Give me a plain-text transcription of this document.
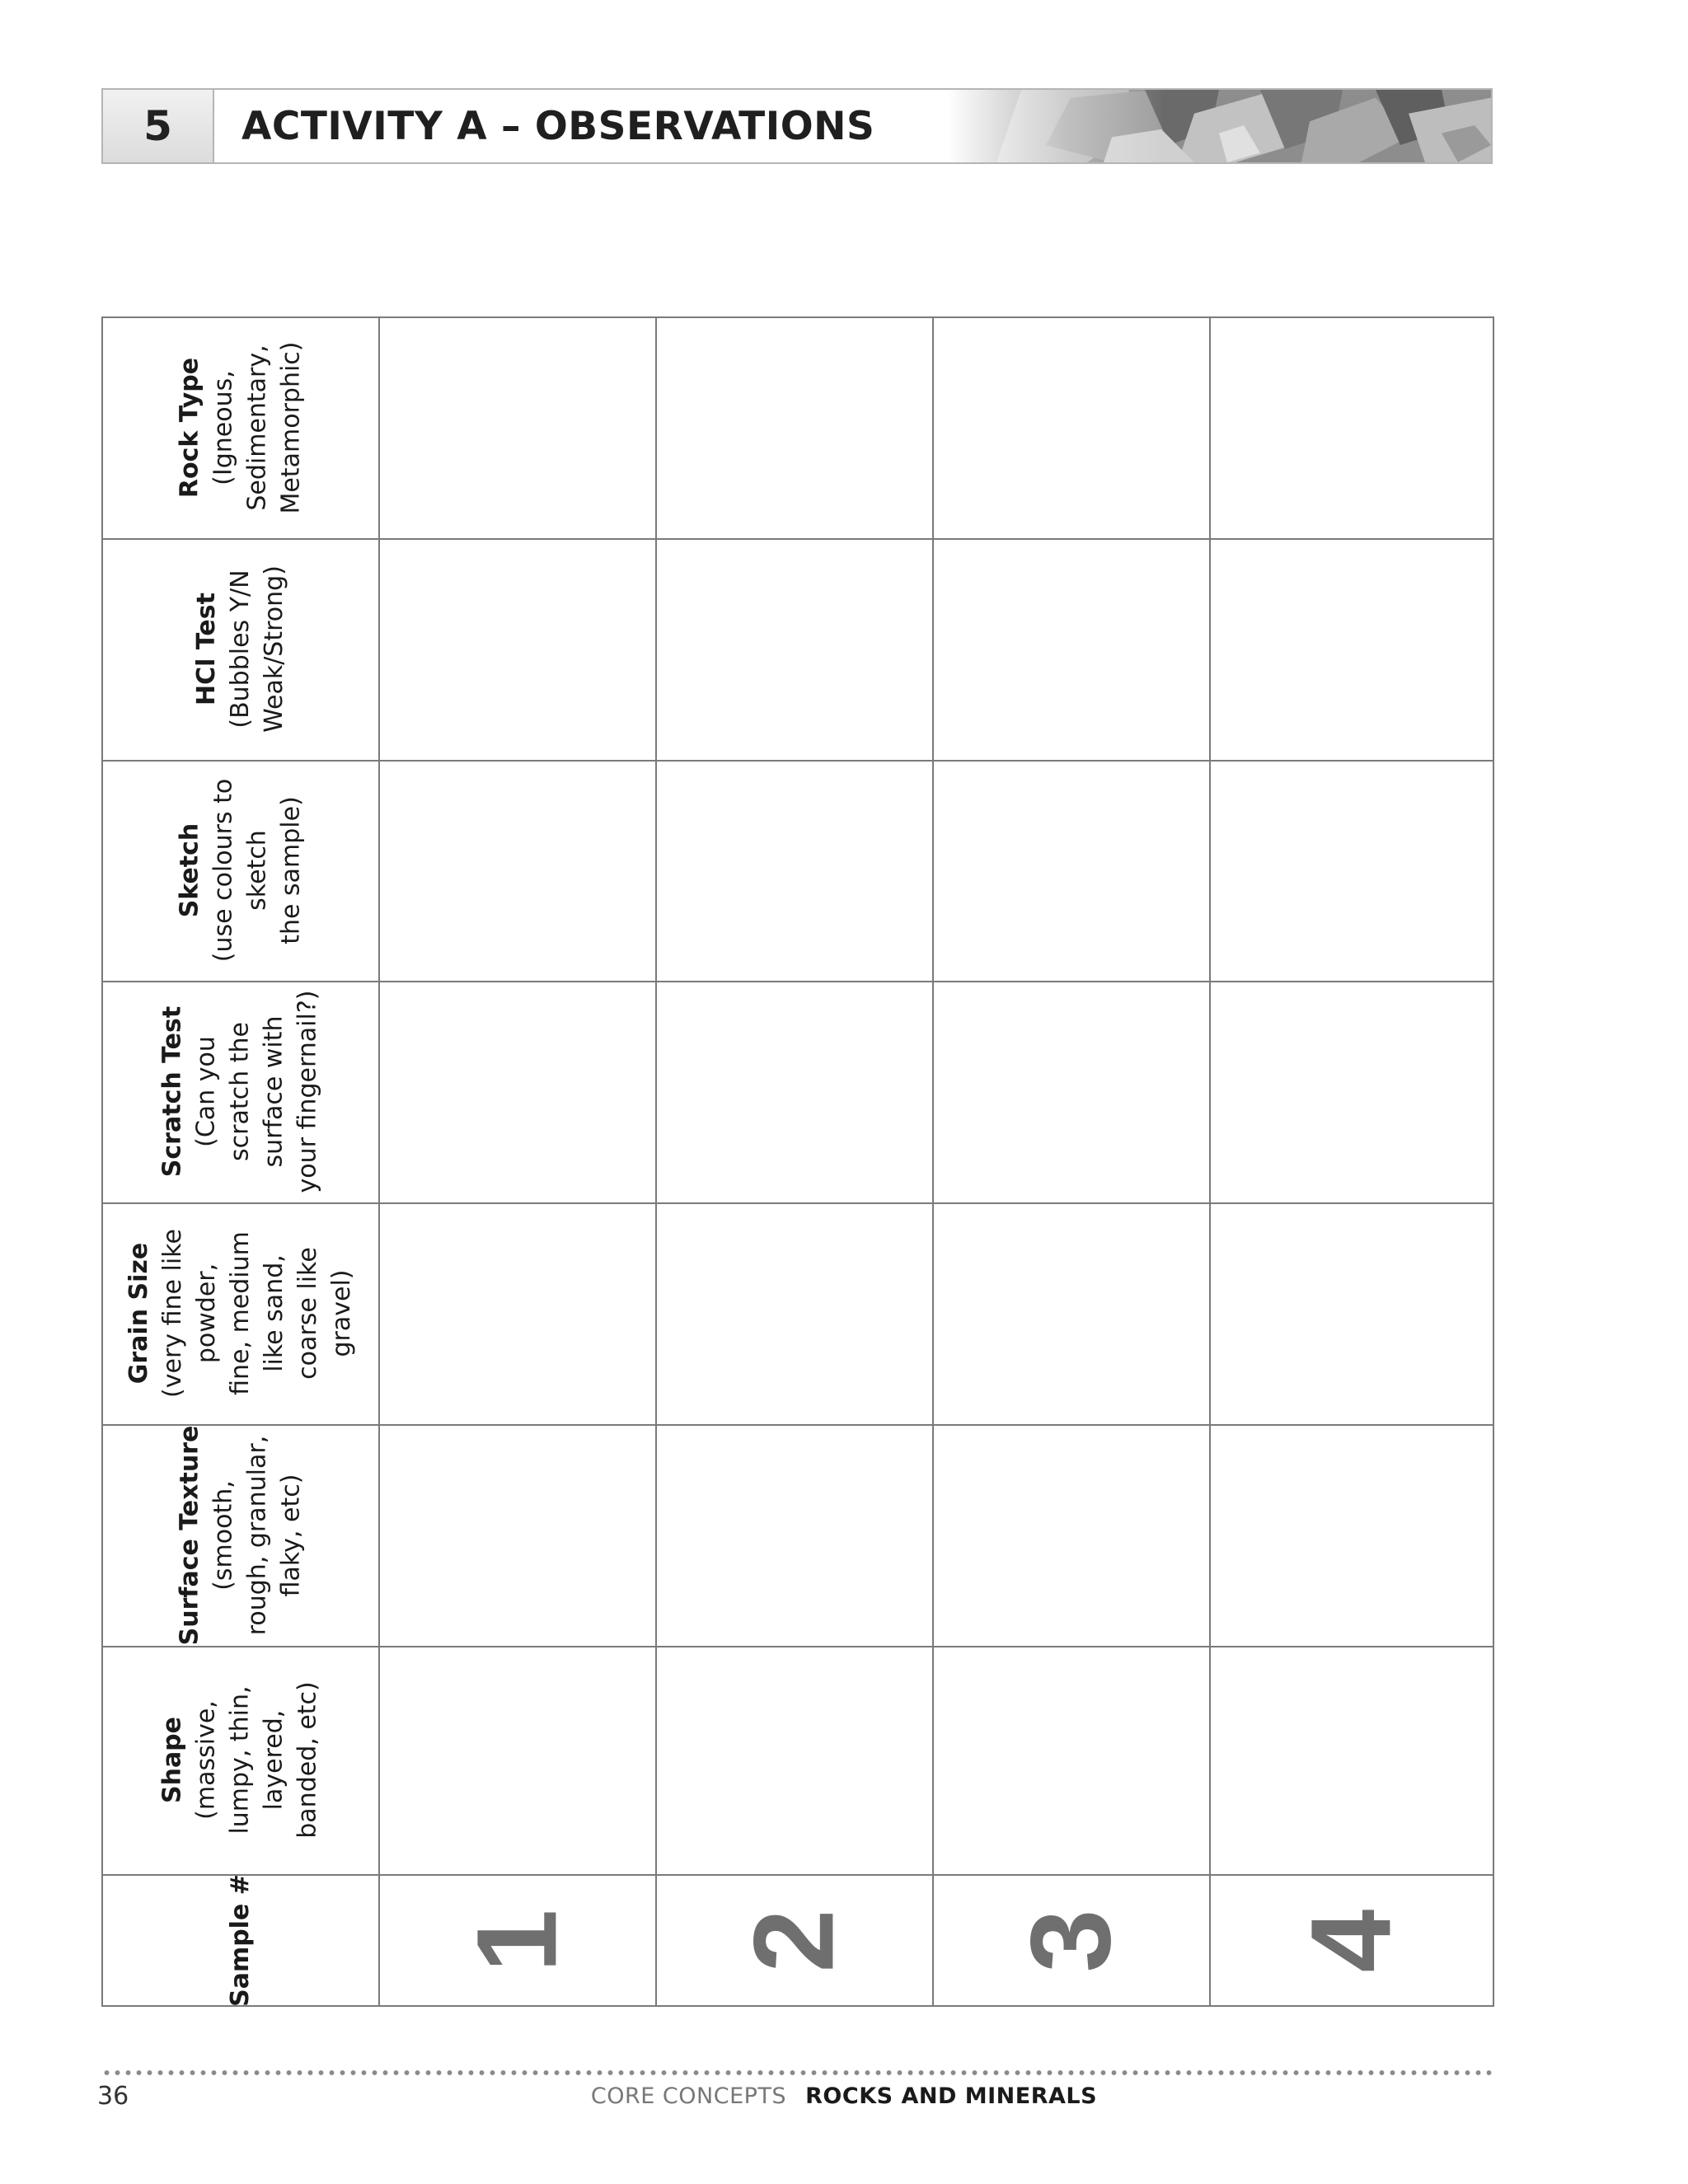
5	ACTIVITY A – OBSERVATIONS
Rock Type (Igneous, Sedimentary, Metamorphic)
HCl Test (Bubbles Y/N Weak/Strong)
Sketch (use colours to sketch the sample)
Scratch Test (Can you scratch the surface with your fingernail?)
Grain Size (very fine like powder, fine, medium like sand, coarse like gravel)
Surface Texture (smooth, rough, granular, flaky, etc)
Shape (massive, lumpy, thin, layered, banded, etc)
Sample # 1 2 3 4
36	CORE CONCEPTS ROCKS AND MINERALS
